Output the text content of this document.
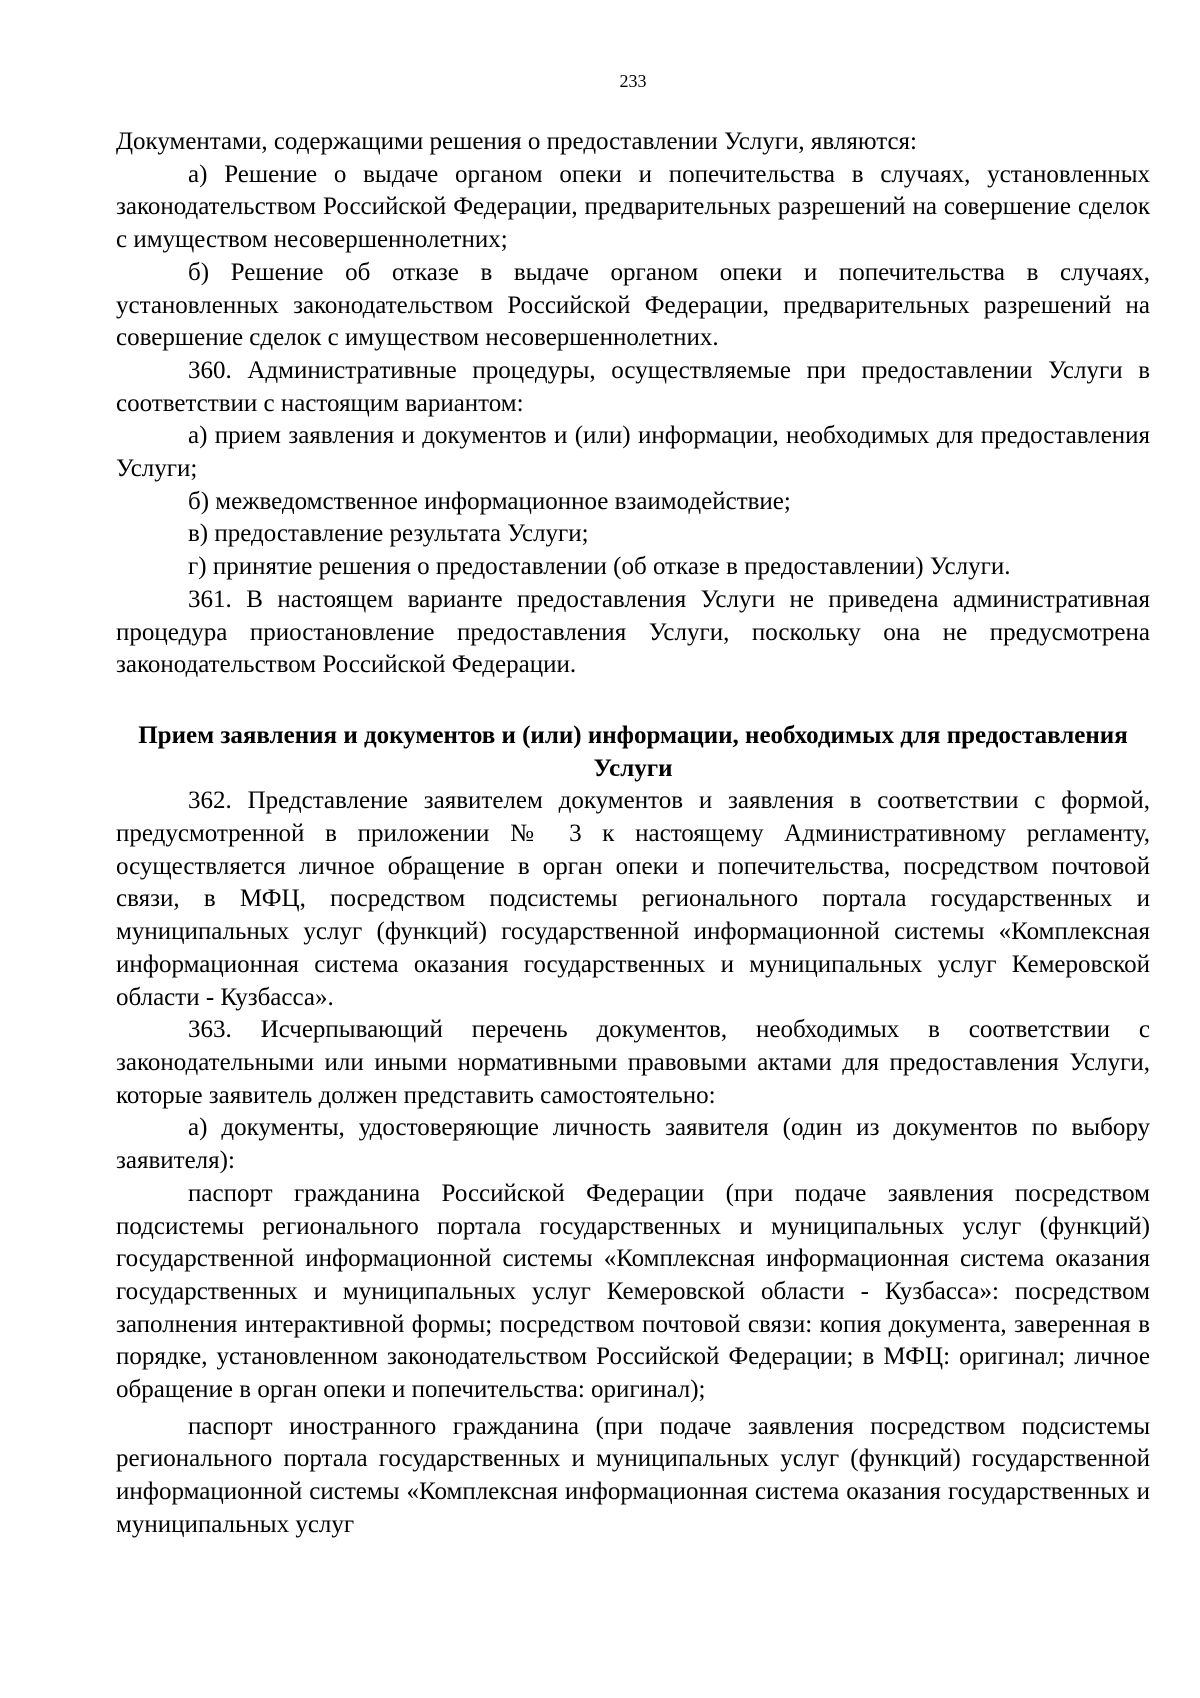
233

Документами, содержащими решения о предоставлении Услуги, являются:

а) Решение о выдаче органом опеки и попечительства в случаях, установленных законодательством Российской Федерации, предварительных разрешений на совершение сделок с имуществом несовершеннолетних;

б) Решение об отказе в выдаче органом опеки и попечительства в случаях, установленных законодательством Российской Федерации, предварительных разрешений на совершение сделок с имуществом несовершеннолетних.

360. Административные процедуры, осуществляемые при предоставлении Услуги в соответствии с настоящим вариантом:

а) прием заявления и документов и (или) информации, необходимых для предоставления Услуги;

б) межведомственное информационное взаимодействие;

в) предоставление результата Услуги;

г) принятие решения о предоставлении (об отказе в предоставлении) Услуги.

361. В настоящем варианте предоставления Услуги не приведена административная процедура приостановление предоставления Услуги, поскольку она не предусмотрена законодательством Российской Федерации.

Прием заявления и документов и (или) информации, необходимых для предоставления Услуги

362. Представление заявителем документов и заявления в соответствии с формой, предусмотренной в приложении № 3 к настоящему Административному регламенту, осуществляется личное обращение в орган опеки и попечительства, посредством почтовой связи, в МФЦ, посредством подсистемы регионального портала государственных и муниципальных услуг (функций) государственной информационной системы «Комплексная информационная система оказания государственных и муниципальных услуг Кемеровской области - Кузбасса».

363. Исчерпывающий перечень документов, необходимых в соответствии с законодательными или иными нормативными правовыми актами для предоставления Услуги, которые заявитель должен представить самостоятельно:

а) документы, удостоверяющие личность заявителя (один из документов по выбору заявителя):

паспорт гражданина Российской Федерации (при подаче заявления посредством подсистемы регионального портала государственных и муниципальных услуг (функций) государственной информационной системы «Комплексная информационная система оказания государственных и муниципальных услуг Кемеровской области - Кузбасса»: посредством заполнения интерактивной формы; посредством почтовой связи: копия документа, заверенная в порядке, установленном законодательством Российской Федерации; в МФЦ: оригинал; личное обращение в орган опеки и попечительства: оригинал);

паспорт иностранного гражданина (при подаче заявления посредством подсистемы регионального портала государственных и муниципальных услуг (функций) государственной информационной системы «Комплексная информационная система оказания государственных и муниципальных услуг
